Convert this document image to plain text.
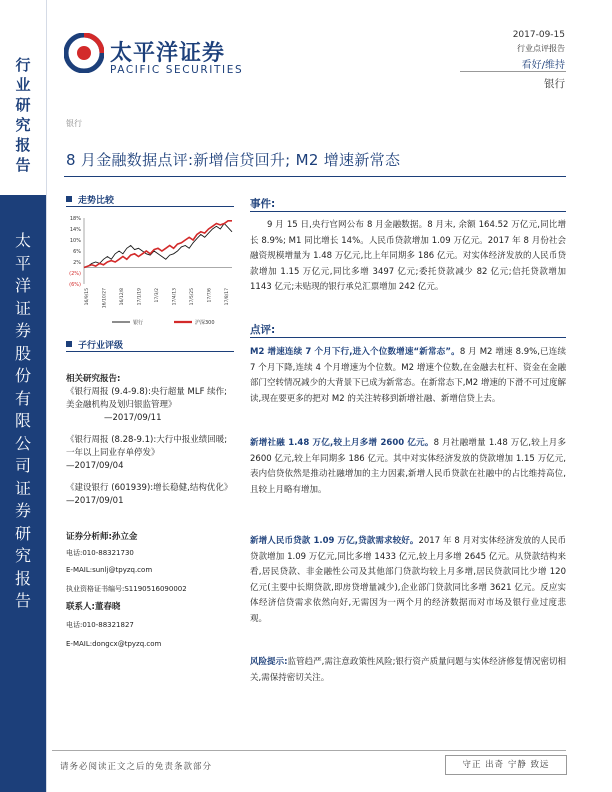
行业研究报告
太平洋证券股份有限公司证券研究报告
太平洋证券
PACIFIC SECURITIES
2017-09-15
行业点评报告
看好/维持
银行
银行
8 月金融数据点评:新增信贷回升; M2 增速新常态
走势比较
18%
14%
10%
6%
2%
(2%)
(6%)
16/9/15	16/10/27	16/12/8	17/1/19	17/3/2	17/4/13	17/5/25	17/7/6	17/8/17
银行	沪深300
子行业评级
相关研究报告:
《银行周报 (9.4-9.8):央行超量 MLF 续作;美金融机构及划归银监管理》
—2017/09/11
《银行周报 (8.28-9.1):大行中报业绩回暖;一年以上同业存单停发》
—2017/09/04
《建设银行 (601939):增长稳健,结构优化》 —2017/09/01
证券分析师:孙立金
电话:010-88321730
E-MAIL:sunlj@tpyzq.com
执业资格证书编号:S1190516090002
联系人:董春晓
电话:010-88321827
E-MAIL:dongcx@tpyzq.com
事件:
9 月 15 日,央行官网公布 8 月金融数据。8 月末, 余额 164.52 万亿元,同比增长 8.9%; M1 同比增长 14%。人民币贷款增加 1.09 万亿元。2017 年 8 月份社会融资规模增量为 1.48 万亿元,比上年同期多 186 亿元。对实体经济发放的人民币贷款增加 1.15 万亿元,同比多增 3497 亿元;委托贷款减少 82 亿元;信托贷款增加 1143 亿元;未贴现的银行承兑汇票增加 242 亿元。
点评:
M2 增速连续 7 个月下行,进入个位数增速“新常态”。8 月 M2 增速 8.9%,已连续 7 个月下降,连续 4 个月增速为个位数。M2 增速个位数,在金融去杠杆、资金在金融部门空转情况减少的大背景下已成为新常态。在新常态下,M2 增速的下滑不可过度解读,现在要更多的把对 M2 的关注转移到新增社融、新增信贷上去。
新增社融 1.48 万亿,较上月多增 2600 亿元。8 月社融增量 1.48 万亿,较上月多 2600 亿元,较上年同期多 186 亿元。其中对实体经济发放的贷款增加 1.15 万亿元,表内信贷依然是推动社融增加的主力因素,新增人民币贷款在社融中的占比维持高位,且较上月略有增加。
新增人民币贷款 1.09 万亿,贷款需求较好。2017 年 8 月对实体经济发放的人民币贷款增加 1.09 万亿元,同比多增 1433 亿元,较上月多增 2645 亿元。从贷款结构来看,居民贷款、非金融性公司及其他部门贷款均较上月多增,居民贷款同比少增 120 亿元(主要中长期贷款,即房贷增量减少),企业部门贷款同比多增 3621 亿元。反应实体经济信贷需求依然向好,无需因为一两个月的经济数据而对市场及银行业过度悲观。
风险提示:监管趋严,需注意政策性风险;银行资产质量问题与实体经济修复情况密切相关,需保持密切关注。
请务必阅读正文之后的免责条款部分	守正 出奇 宁静 致远
